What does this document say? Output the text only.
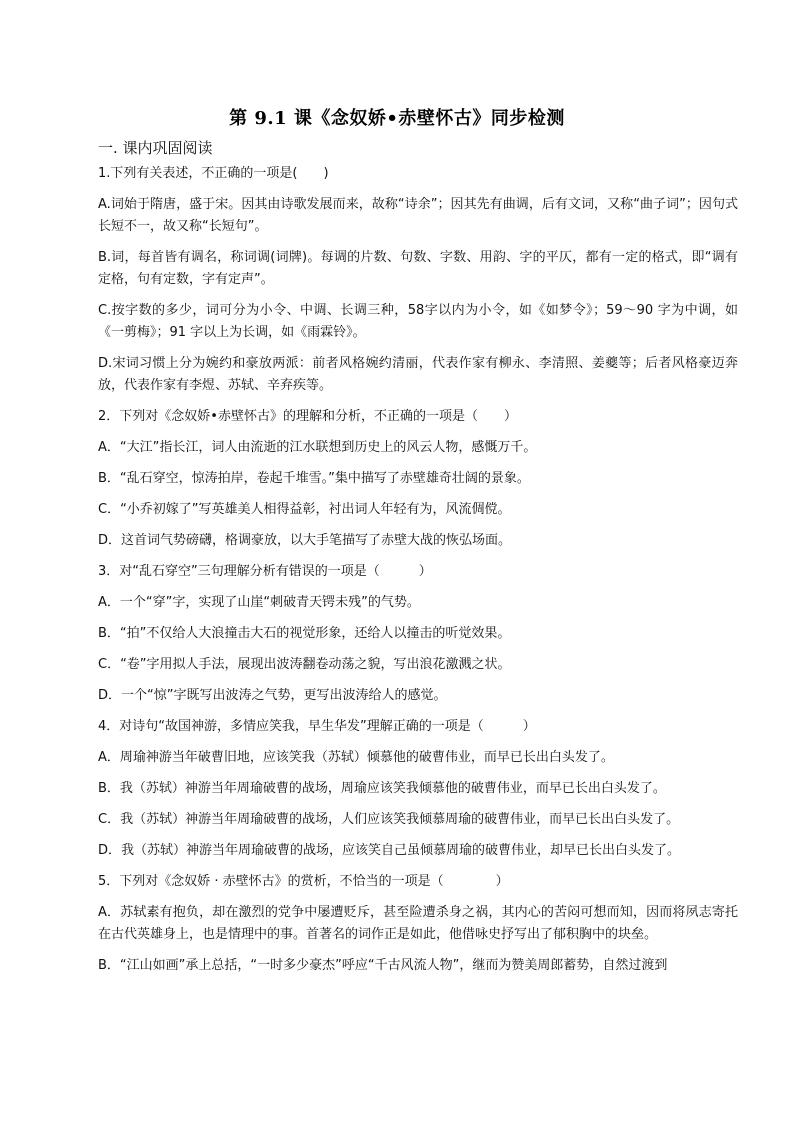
第 9.1 课《念奴娇•赤壁怀古》同步检测
一. 课内巩固阅读

1.下列有关表述，不正确的一项是(　　)

A.词始于隋唐，盛于宋。因其由诗歌发展而来，故称“诗余”；因其先有曲调，后有文词，又称“曲子词”；因句式长短不一，故又称“长短句”。

B.词，每首皆有调名，称词调(词牌)。每调的片数、句数、字数、用韵、字的平仄，都有一定的格式，即“调有定格，句有定数，字有定声”。

C.按字数的多少，词可分为小令、中调、长调三种，58字以内为小令，如《如梦令》；59～90 字为中调，如《一剪梅》；91 字以上为长调，如《雨霖铃》。

D.宋词习惯上分为婉约和豪放两派：前者风格婉约清丽，代表作家有柳永、李清照、姜夔等；后者风格豪迈奔放，代表作家有李煜、苏轼、辛弃疾等。

2．下列对《念奴娇•赤壁怀古》的理解和分析，不正确的一项是（　　）

A．“大江”指长江，词人由流逝的江水联想到历史上的风云人物，感慨万千。

B．“乱石穿空，惊涛拍岸，卷起千堆雪。”集中描写了赤壁雄奇壮阔的景象。

C．“小乔初嫁了”写英雄美人相得益彰，衬出词人年轻有为，风流倜傥。

D．这首词气势磅礴，格调豪放，以大手笔描写了赤壁大战的恢弘场面。

3．对“乱石穿空”三句理解分析有错误的一项是（　　　）

A．一个“穿”字，实现了山崖“刺破青天锷未残”的气势。

B．“拍”不仅给人大浪撞击大石的视觉形象，还给人以撞击的听觉效果。

C．“卷”字用拟人手法，展现出波涛翻卷动荡之貌，写出浪花激溅之状。

D．一个“惊”字既写出波涛之气势，更写出波涛给人的感觉。

4．对诗句“故国神游，多情应笑我，早生华发”理解正确的一项是（　　　）

A．周瑜神游当年破曹旧地，应该笑我（苏轼）倾慕他的破曹伟业，而早已长出白头发了。

B．我（苏轼）神游当年周瑜破曹的战场，周瑜应该笑我倾慕他的破曹伟业，而早已长出白头发了。

C．我（苏轼）神游当年周瑜破曹的战场，人们应该笑我倾慕周瑜的破曹伟业，而早已长出白头发了。

D．我（苏轼）神游当年周瑜破曹的战场，应该笑自己虽倾慕周瑜的破曹伟业，却早已长出白头发了。

5．下列对《念奴娇 · 赤壁怀古》的赏析，不恰当的一项是（　　　　）

A．苏轼素有抱负，却在激烈的党争中屡遭贬斥，甚至险遭杀身之祸，其内心的苦闷可想而知，因而将夙志寄托在古代英雄身上，也是情理中的事。首著名的词作正是如此，他借咏史抒写出了郁积胸中的块垒。

B．“江山如画”承上总括，“一时多少豪杰”呼应“千古风流人物”，继而为赞美周郎蓄势，自然过渡到
